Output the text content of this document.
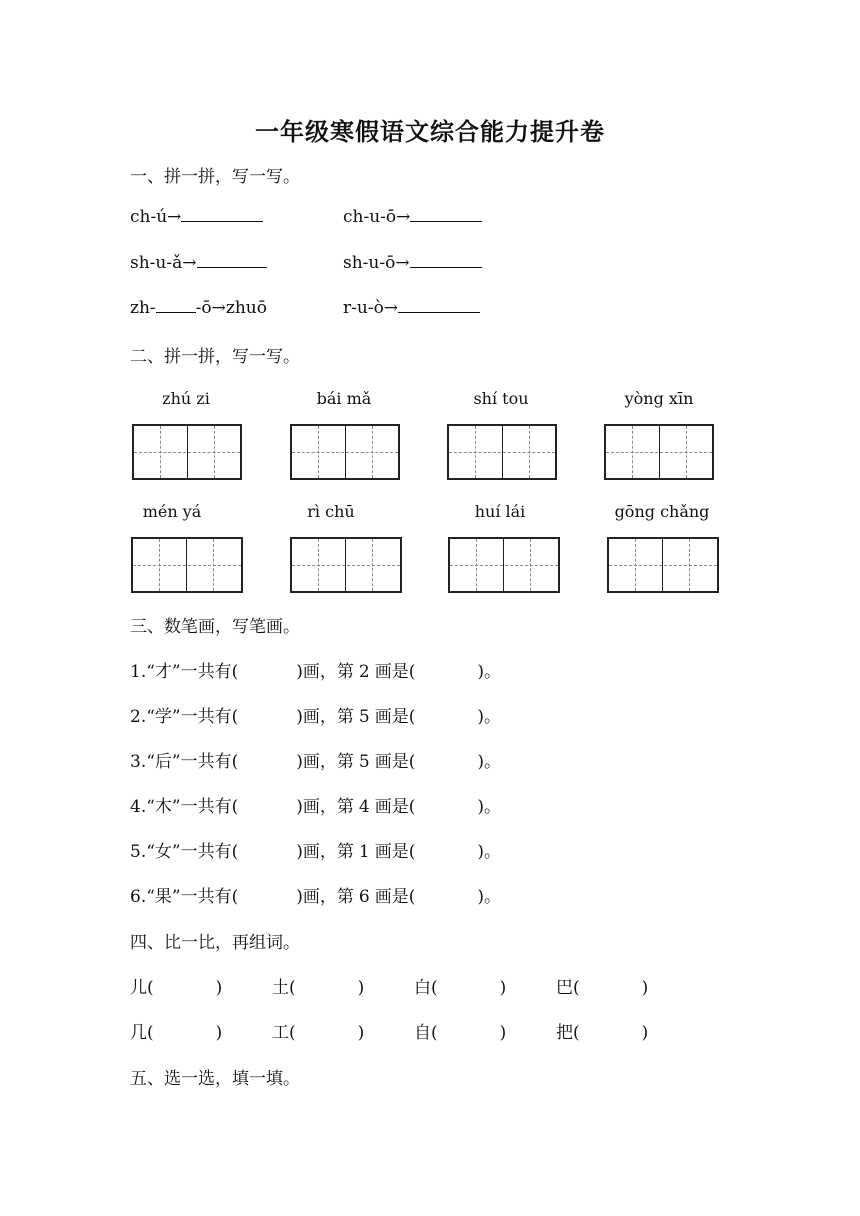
一年级寒假语文综合能力提升卷
一、拼一拼，写一写。
ch-ú→	ch-u-ō→
sh-u-ǎ→	sh-u-ō→
zh- -ō→zhuō	r-u-ò→
二、拼一拼，写一写。
zhú zi	bái mǎ	shí tou	yòng xīn
mén yá	rì chū	huí lái	gōng chǎng
三、数笔画，写笔画。
1.“才”一共有(	)画，第 2 画是(	)。
2.“学”一共有(	)画，第 5 画是(	)。
3.“后”一共有(	)画，第 5 画是(	)。
4.“木”一共有(	)画，第 4 画是(	)。
5.“女”一共有(	)画，第 1 画是(	)。
6.“果”一共有(	)画，第 6 画是(	)。
四、比一比，再组词。
儿(	)	土(	)	白(	)	巴(	)
几(	)	工(	)	自(	)	把(	)
五、选一选，填一填。
